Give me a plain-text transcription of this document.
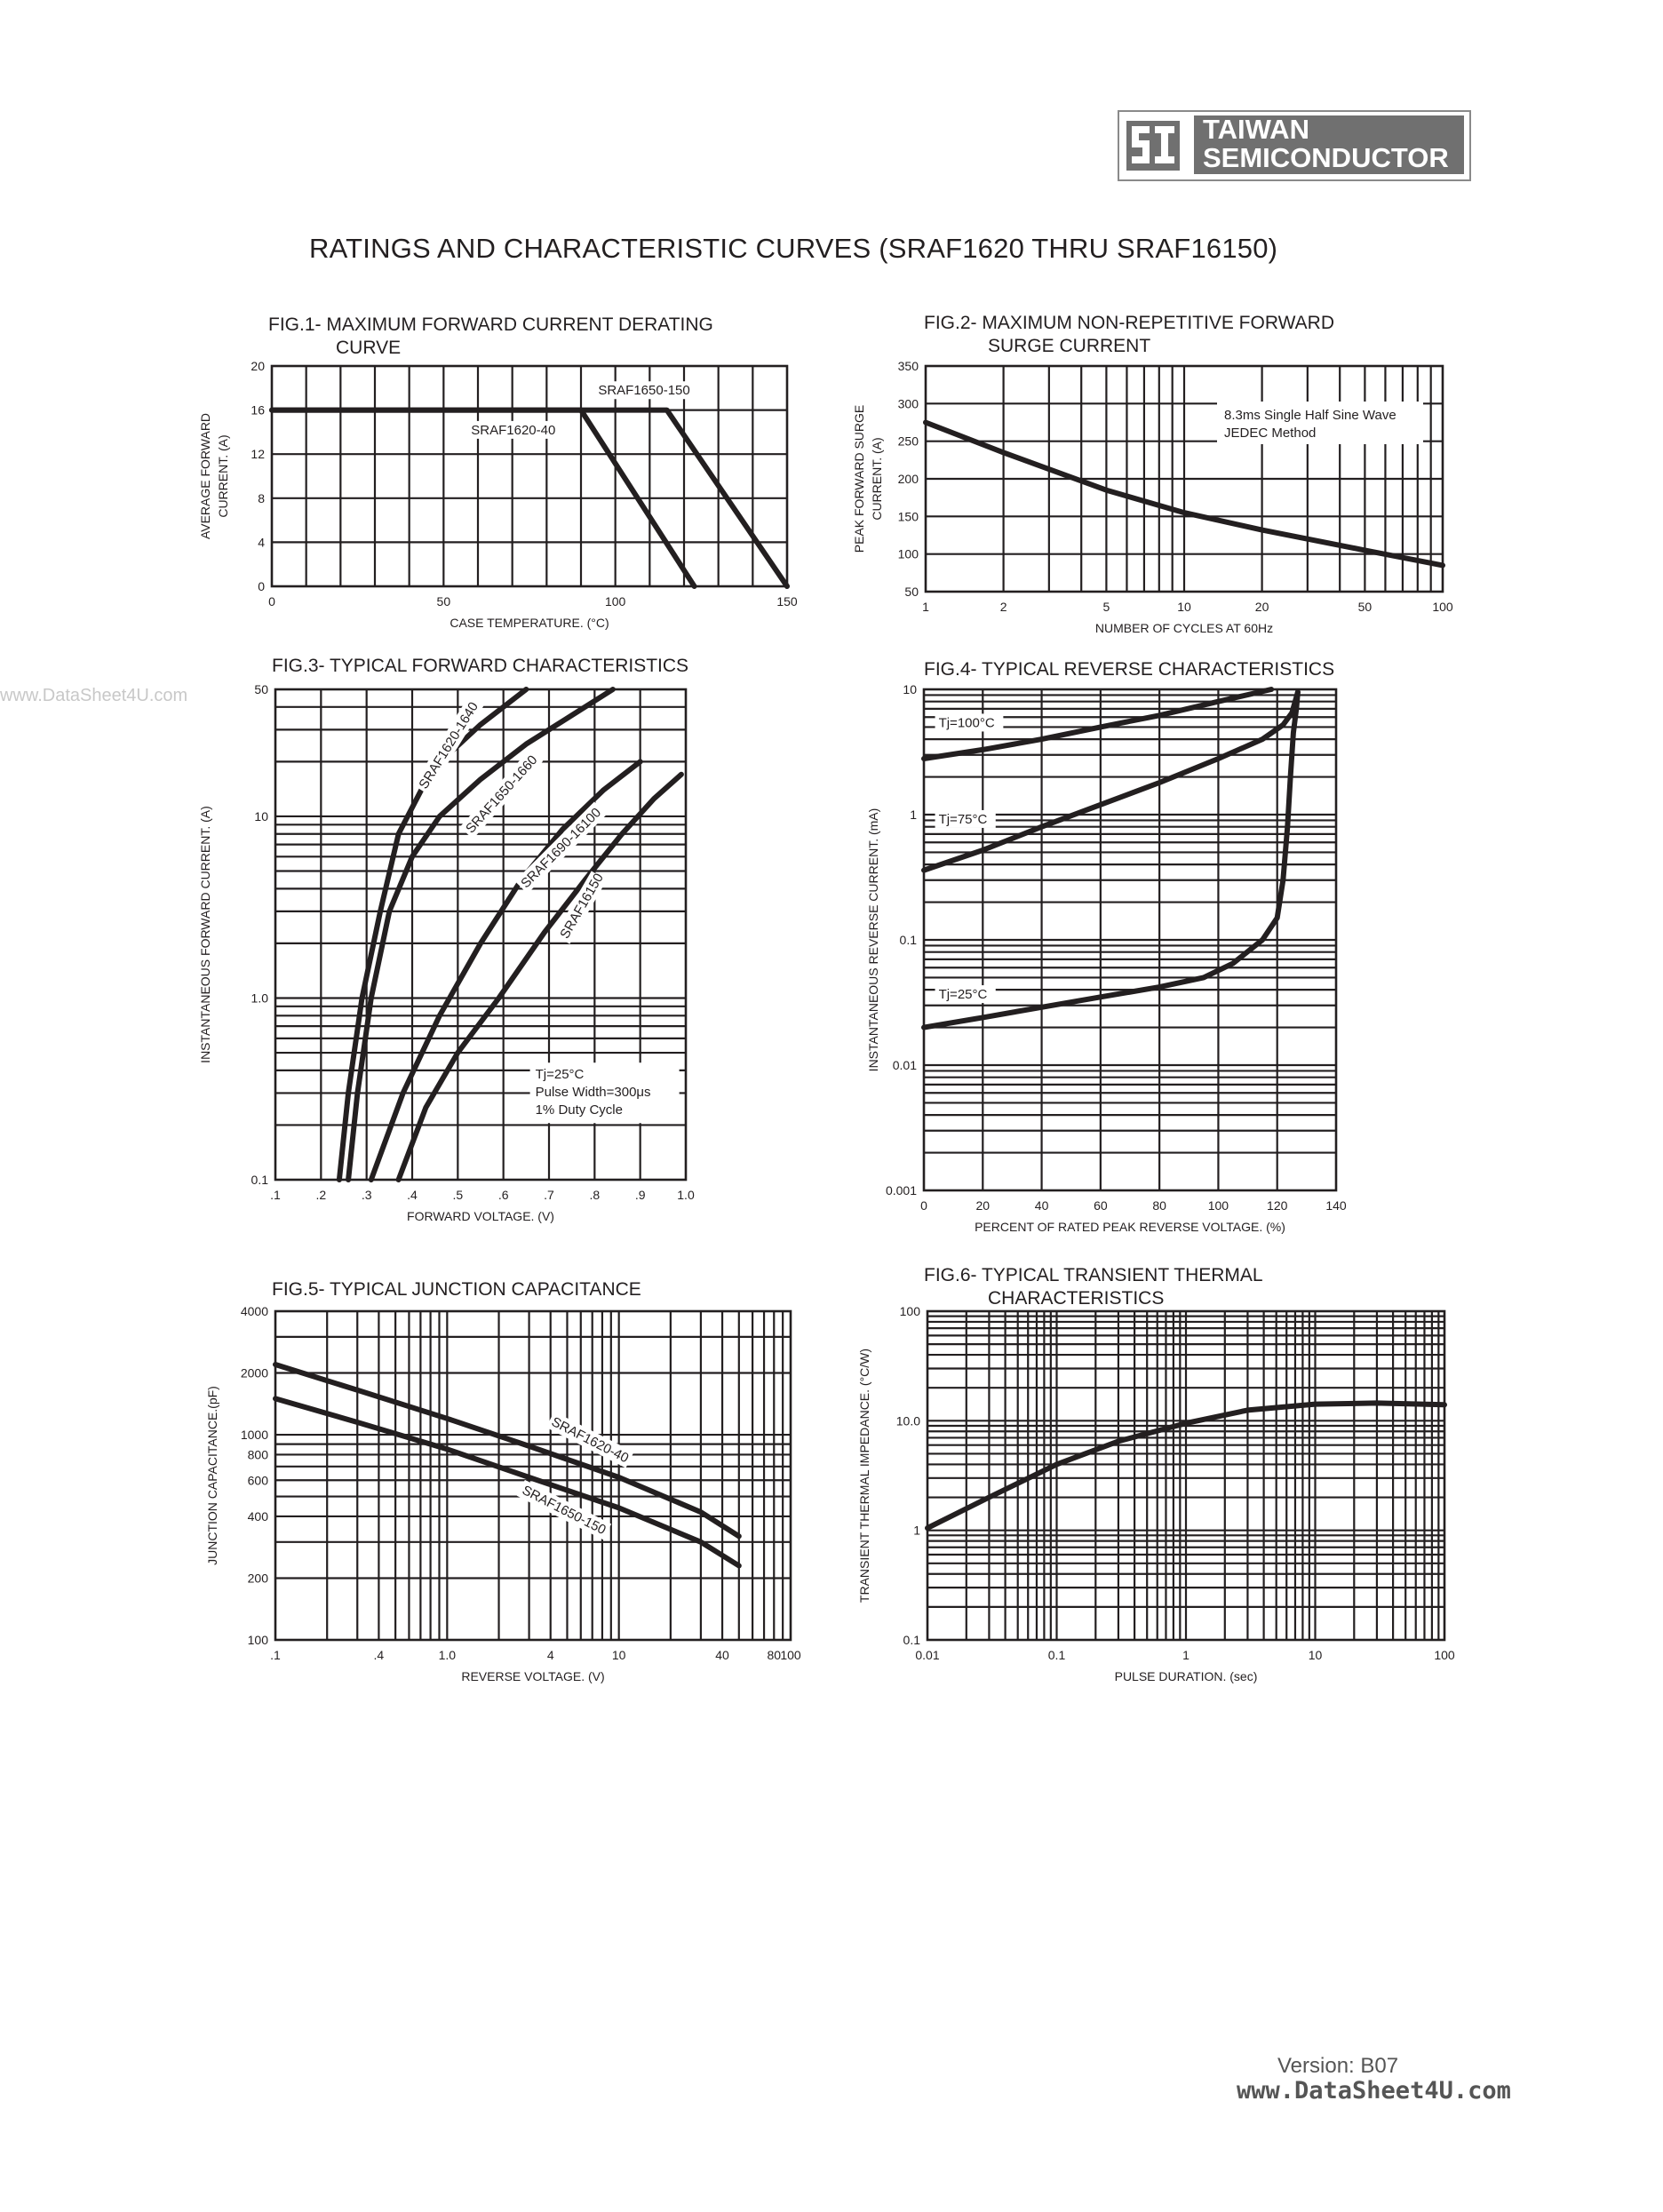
TAIWAN
SEMICONDUCTOR
RATINGS AND CHARACTERISTIC CURVES (SRAF1620 THRU SRAF16150)
www.DataSheet4U.com
FIG.1- MAXIMUM FORWARD CURRENT DERATING
CURVE
0	50	100	150
0
4
8
12
16
20
CASE TEMPERATURE. (°C)
AVERAGE FORWARD CURRENT. (A)
SRAF1620-40
SRAF1650-150
FIG.2- MAXIMUM NON-REPETITIVE FORWARD
SURGE CURRENT
1	2	5	10	20	50	100
50
100
150
200
250
300
350
NUMBER OF CYCLES AT 60Hz
PEAK FORWARD SURGE CURRENT. (A)
8.3ms Single Half Sine Wave
JEDEC Method
FIG.3- TYPICAL FORWARD CHARACTERISTICS
.1	.2	.3	.4	.5	.6	.7	.8	.9	1.0
0.1
1.0
10
50
FORWARD VOLTAGE. (V)
INSTANTANEOUS FORWARD CURRENT. (A)
SRAF1620-1640
SRAF1650-1660
SRAF1690-16100
SRAF16150
Tj=25°C
Pulse Width=300μs
1% Duty Cycle
FIG.4- TYPICAL REVERSE CHARACTERISTICS
0	20	40	60	80	100	120	140
0.001
0.01
0.1
1
10
PERCENT OF RATED PEAK REVERSE VOLTAGE. (%)
INSTANTANEOUS REVERSE CURRENT. (mA)
Tj=100°C
Tj=75°C
Tj=25°C
FIG.5- TYPICAL JUNCTION CAPACITANCE
.1	.4	1.0	4	10	40	80 100
100
200
400
600
800
1000
2000
4000
REVERSE VOLTAGE. (V)
JUNCTION CAPACITANCE.(pF)	SRAF1620-40
SRAF1650-150
FIG.6- TYPICAL TRANSIENT THERMAL
CHARACTERISTICS
0.01	0.1	1	10	100
0.1
1
10.0
100
PULSE DURATION. (sec)
TRANSIENT THERMAL IMPEDANCE. (°C/W)
Version: B07
www.DataSheet4U.com
